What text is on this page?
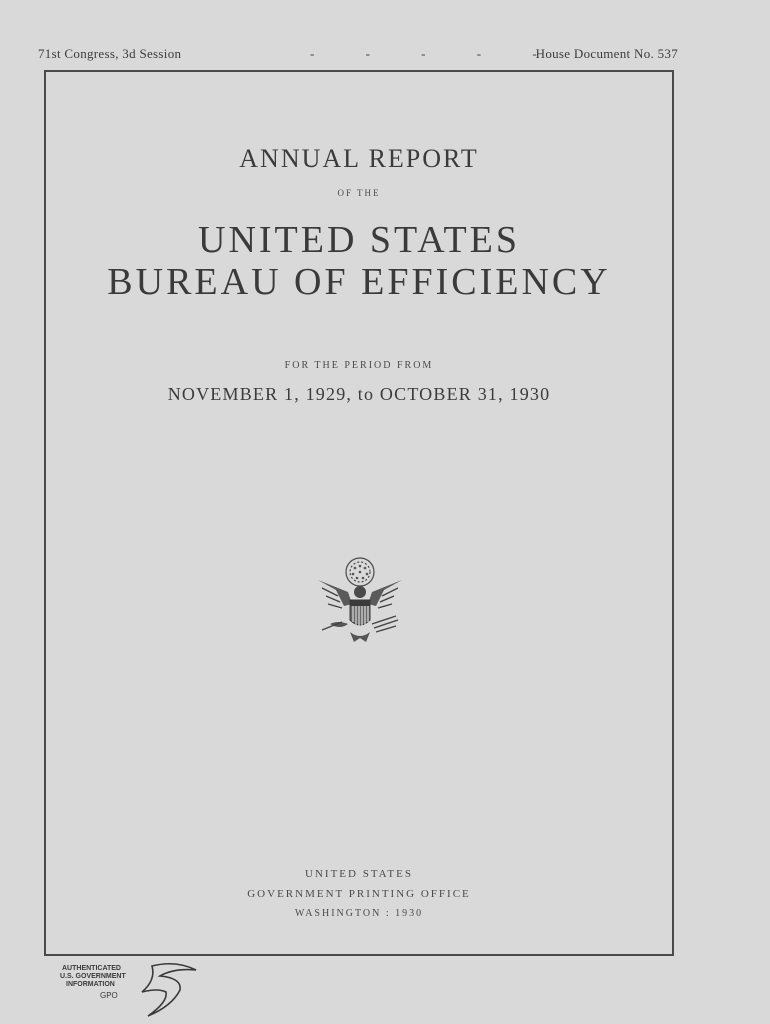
71st Congress, 3d Session	- - - - -
House Document No. 537
ANNUAL REPORT
OF THE
UNITED STATES
BUREAU OF EFFICIENCY
FOR THE PERIOD FROM
NOVEMBER 1, 1929, to OCTOBER 31, 1930
UNITED STATES
GOVERNMENT PRINTING OFFICE
WASHINGTON : 1930
AUTHENTICATED
U.S. GOVERNMENT
INFORMATION
GPO
